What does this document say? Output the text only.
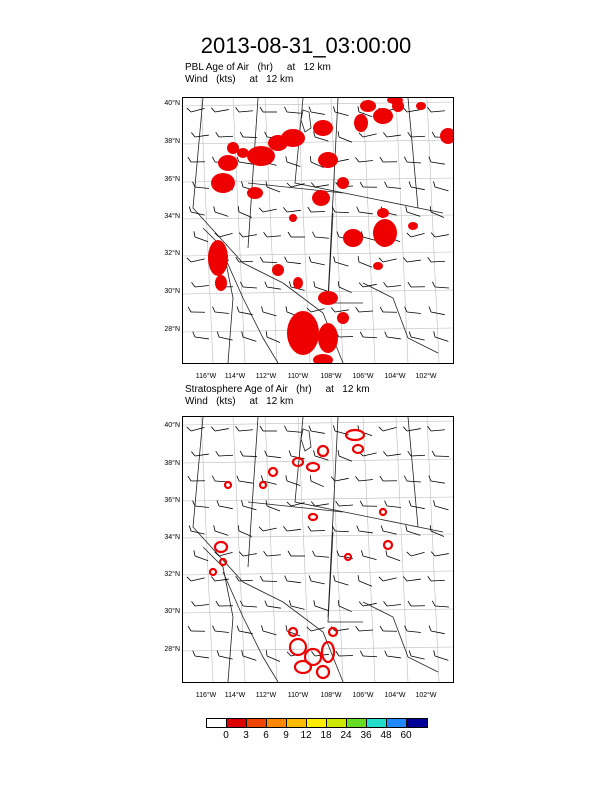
2013-08-31_03:00:00
PBL Age of Air   (hr)     at   12 km
Wind   (kts)     at   12 km
Stratosphere Age of Air   (hr)     at   12 km
Wind   (kts)     at   12 km
40°N
38°N
36°N
34°N
32°N
30°N
28°N
116°W	114°W	112°W	110°W	108°W	106°W	104°W	102°W
40°N
38°N
36°N
34°N
32°N
30°N
28°N
116°W	114°W	112°W	110°W	108°W	106°W	104°W	102°W
0	3	6	9	12 18 24 36 48 60
